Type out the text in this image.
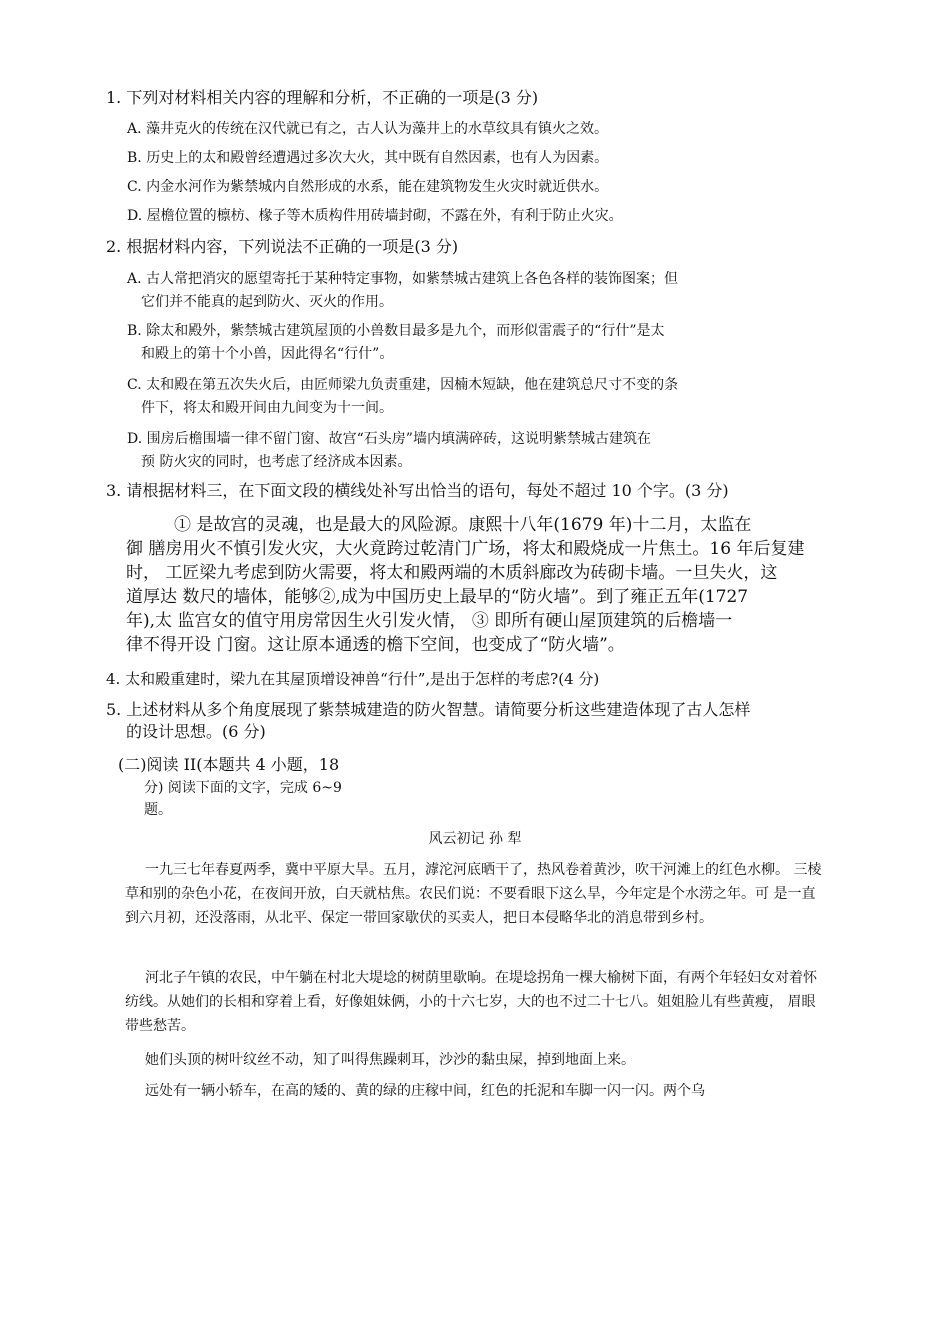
1. 下列对材料相关内容的理解和分析，不正确的一项是(3 分)
A. 藻井克火的传统在汉代就已有之，古人认为藻井上的水草纹具有镇火之效。
B. 历史上的太和殿曾经遭遇过多次大火，其中既有自然因素，也有人为因素。
C. 内金水河作为紫禁城内自然形成的水系，能在建筑物发生火灾时就近供水。
D. 屋檐位置的檩枋、椽子等木质构件用砖墙封砌，不露在外，有利于防止火灾。
2. 根据材料内容，下列说法不正确的一项是(3 分)
A. 古人常把消灾的愿望寄托于某种特定事物，如紫禁城古建筑上各色各样的装饰图案；但
它们并不能真的起到防火、灭火的作用。
B. 除太和殿外，紫禁城古建筑屋顶的小兽数目最多是九个，而形似雷震子的“行什”是太
和殿上的第十个小兽，因此得名“行什”。
C. 太和殿在第五次失火后，由匠师梁九负责重建，因楠木短缺，他在建筑总尺寸不变的条
件下，将太和殿开间由九间变为十一间。
D. 围房后檐围墙一律不留门窗、故宫“石头房”墙内填满碎砖，这说明紫禁城古建筑在
预 防火灾的同时，也考虑了经济成本因素。
3. 请根据材料三，在下面文段的横线处补写出恰当的语句，每处不超过 10 个字。(3 分)
① 是故宫的灵魂，也是最大的风险源。康熙十八年(1679 年)十二月，太监在
御 膳房用火不慎引发火灾，大火竟跨过乾清门广场，将太和殿烧成一片焦土。16 年后复建
时， 工匠梁九考虑到防火需要，将太和殿两端的木质斜廊改为砖砌卡墙。一旦失火，这
道厚达 数尺的墙体，能够②,成为中国历史上最早的“防火墙”。到了雍正五年(1727
年),太 监宫女的值守用房常因生火引发火情， ③ 即所有硬山屋顶建筑的后檐墙一
律不得开设 门窗。这让原本通透的檐下空间，也变成了“防火墙”。
4. 太和殿重建时，梁九在其屋顶增设神兽“行什”,是出于怎样的考虑?(4 分)
5. 上述材料从多个角度展现了紫禁城建造的防火智慧。请简要分析这些建造体现了古人怎样
的设计思想。(6 分)
(二)阅读 II(本题共 4 小题，18
分) 阅读下面的文字，完成 6~9
题。
风云初记 孙 犁
一九三七年春夏两季，冀中平原大旱。五月，滹沱河底晒干了，热风卷着黄沙，吹干河滩上的红色水柳。 三棱草和别的杂色小花，在夜间开放，白天就枯焦。农民们说：不要看眼下这么旱，今年定是个水涝之年。可 是一直到六月初，还没落雨，从北平、保定一带回家歇伏的买卖人，把日本侵略华北的消息带到乡村。
河北子午镇的农民，中午躺在村北大堤埝的树荫里歇晌。在堤埝拐角一棵大榆树下面，有两个年轻妇女对着怀纺线。从她们的长相和穿着上看，好像姐妹俩，小的十六七岁，大的也不过二十七八。姐姐脸儿有些黄瘦， 眉眼带些愁苦。
她们头顶的树叶纹丝不动，知了叫得焦躁刺耳，沙沙的黏虫屎，掉到地面上来。
远处有一辆小轿车，在高的矮的、黄的绿的庄稼中间，红色的托泥和车脚一闪一闪。两个乌
